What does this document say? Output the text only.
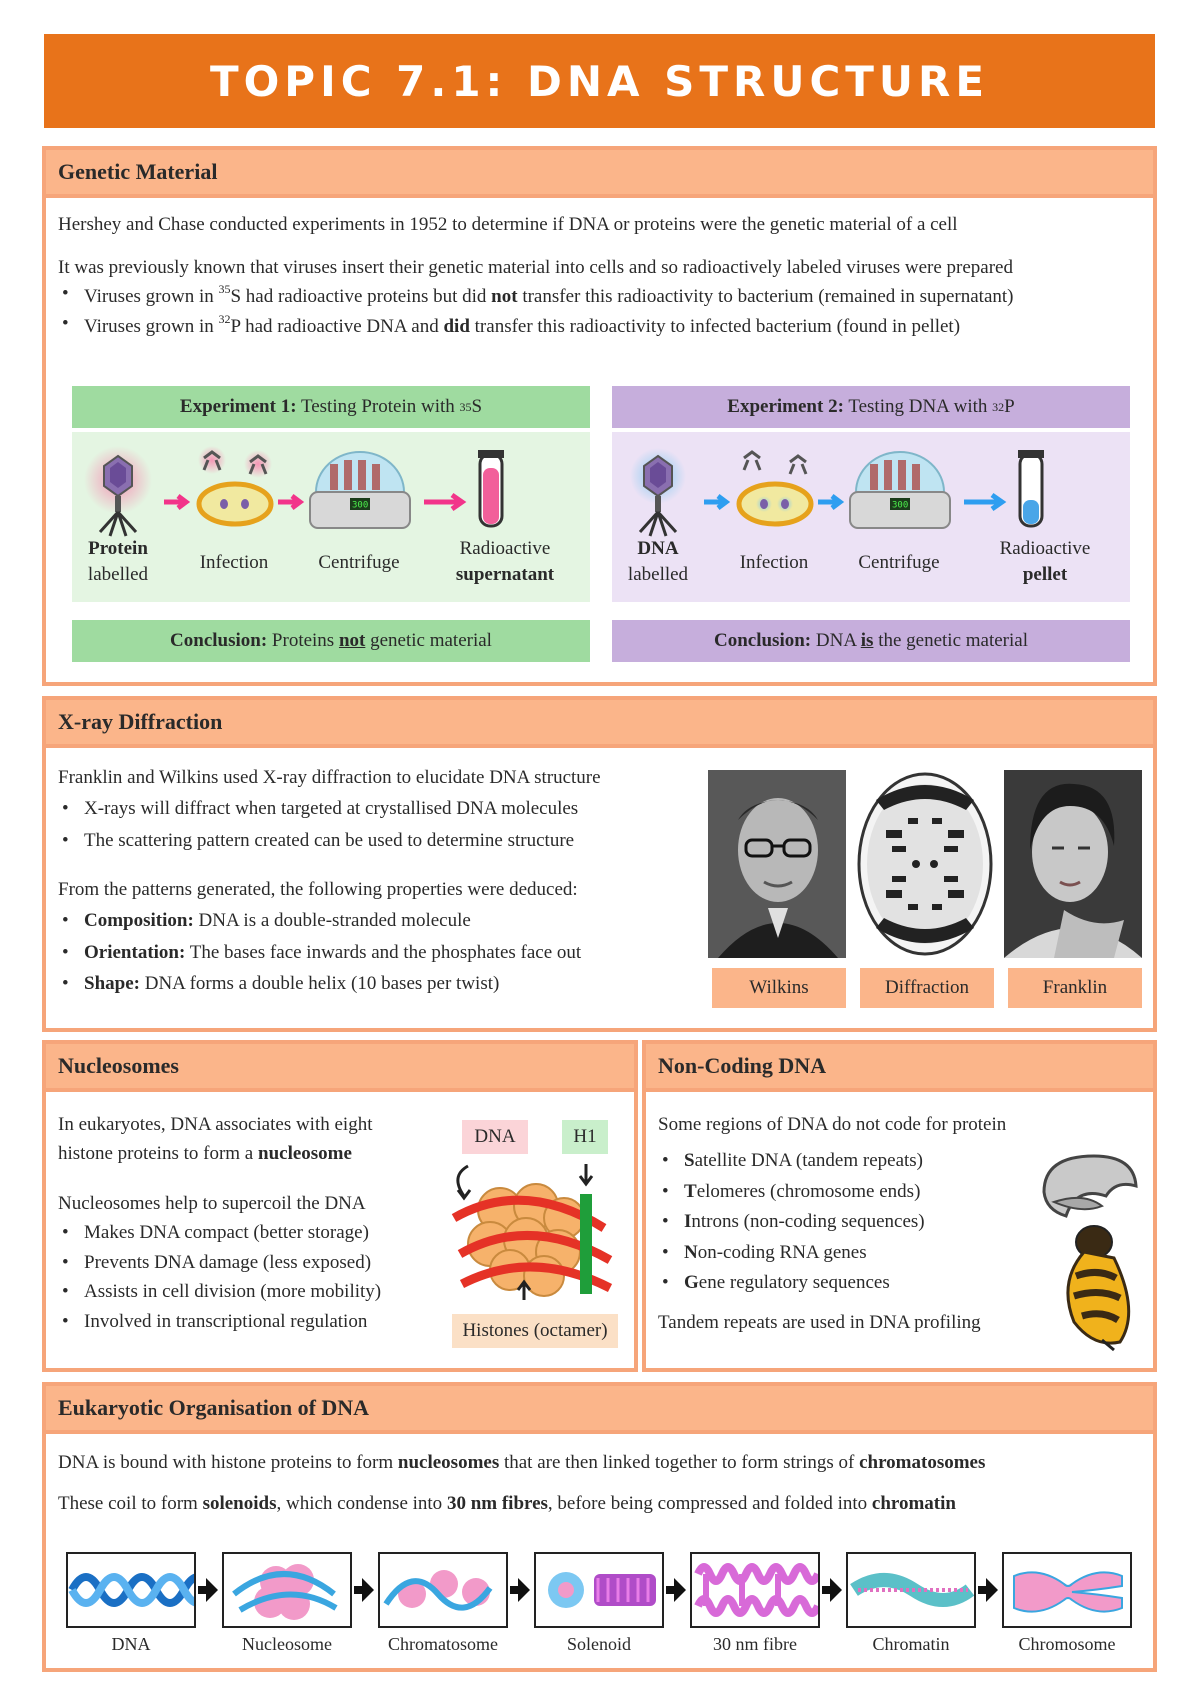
TOPIC 7.1: DNA STRUCTURE
Genetic Material

Hershey and Chase conducted experiments in 1952 to determine if DNA or proteins were the genetic material of a cell

It was previously known that viruses insert their genetic material into cells and so radioactively labeled viruses were prepared

• Viruses grown in $^{35}$S had radioactive proteins but did not transfer this radioactivity to bacterium (remained in supernatant)
• Viruses grown in $^{32}$P had radioactive DNA and did transfer this radioactivity to infected bacterium (found in pellet)
Experiment 1: Testing Protein with 35 S
300
Protein
labelled
Infection	Centrifuge
Radioactive
supernatant
Conclusion: Proteins not genetic material
Experiment 2: Testing DNA with 32 P
300
DNA
labelled
Infection	Centrifuge
Radioactive
pellet
Conclusion: DNA is the genetic material
X-ray Diffraction

Franklin and Wilkins used X-ray diffraction to elucidate DNA structure

• X-rays will diffract when targeted at crystallised DNA molecules
• The scattering pattern created can be used to determine structure

From the patterns generated, the following properties were deduced:

• Composition: DNA is a double-stranded molecule
• Orientation: The bases face inwards and the phosphates face out
• Shape: DNA forms a double helix (10 bases per twist)	Wilkins	Diffraction	Franklin
Nucleosomes

In eukaryotes, DNA associates with eight

histone proteins to form a nucleosome

Nucleosomes help to supercoil the DNA

• Makes DNA compact (better storage)
• Prevents DNA damage (less exposed)
• Assists in cell division (more mobility)
• Involved in transcriptional regulation
DNA	H1
Histones (octamer)
Non-Coding DNA

Some regions of DNA do not code for protein

• Satellite DNA (tandem repeats)
• Telomeres (chromosome ends)
• Introns (non-coding sequences)
• Non-coding RNA genes
• Gene regulatory sequences

Tandem repeats are used in DNA profiling

Eukaryotic Organisation of DNA

DNA is bound with histone proteins to form nucleosomes that are then linked together to form strings of chromatosomes

These coil to form solenoids, which condense into 30 nm fibres, before being compressed and folded into chromatin

DNA	Nucleosome	Chromatosome	Solenoid	30 nm fibre	Chromatin	Chromosome
